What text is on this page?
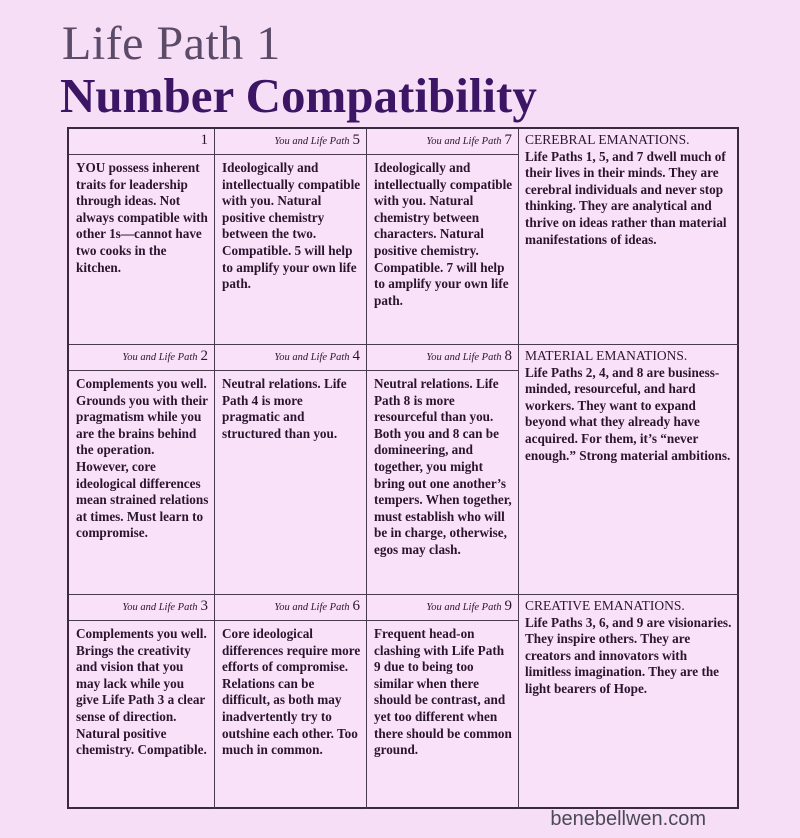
Life Path 1
Number Compatibility
1
YOU possess inherent traits for leadership through ideas. Not always compatible with other 1s—cannot have two cooks in the kitchen.
You and Life Path 5
Ideologically and intellectually compatible with you. Natural positive chemistry between the two. Compatible. 5 will help to amplify your own life path.
You and Life Path 7
Ideologically and intellectually compatible with you. Natural chemistry between characters. Natural positive chemistry. Compatible. 7 will help to amplify your own life path.
CEREBRAL EMANATIONS.
Life Paths 1, 5, and 7 dwell much of their lives in their minds. They are cerebral individuals and never stop thinking. They are analytical and thrive on ideas rather than material manifestations of ideas.
You and Life Path 2
Complements you well. Grounds you with their pragmatism while you are the brains behind the operation. However, core ideological differences mean strained relations at times. Must learn to compromise.
You and Life Path 4
Neutral relations. Life Path 4 is more pragmatic and structured than you.
You and Life Path 8
Neutral relations. Life Path 8 is more resourceful than you. Both you and 8 can be domineering, and together, you might bring out one another’s tempers. When together, must establish who will be in charge, otherwise, egos may clash.
MATERIAL EMANATIONS.
Life Paths 2, 4, and 8 are business-minded, resourceful, and hard workers. They want to expand beyond what they already have acquired. For them, it’s “never enough.” Strong material ambitions.
You and Life Path 3
Complements you well. Brings the creativity and vision that you may lack while you give Life Path 3 a clear sense of direction. Natural positive chemistry. Compatible.
You and Life Path 6
Core ideological differences require more efforts of compromise. Relations can be difficult, as both may inadvertently try to outshine each other. Too much in common.
You and Life Path 9
Frequent head-on clashing with Life Path 9 due to being too similar when there should be contrast, and yet too different when there should be common ground.
CREATIVE EMANATIONS.
Life Paths 3, 6, and 9 are visionaries. They inspire others. They are creators and innovators with limitless imagination. They are the light bearers of Hope.
benebellwen.com
